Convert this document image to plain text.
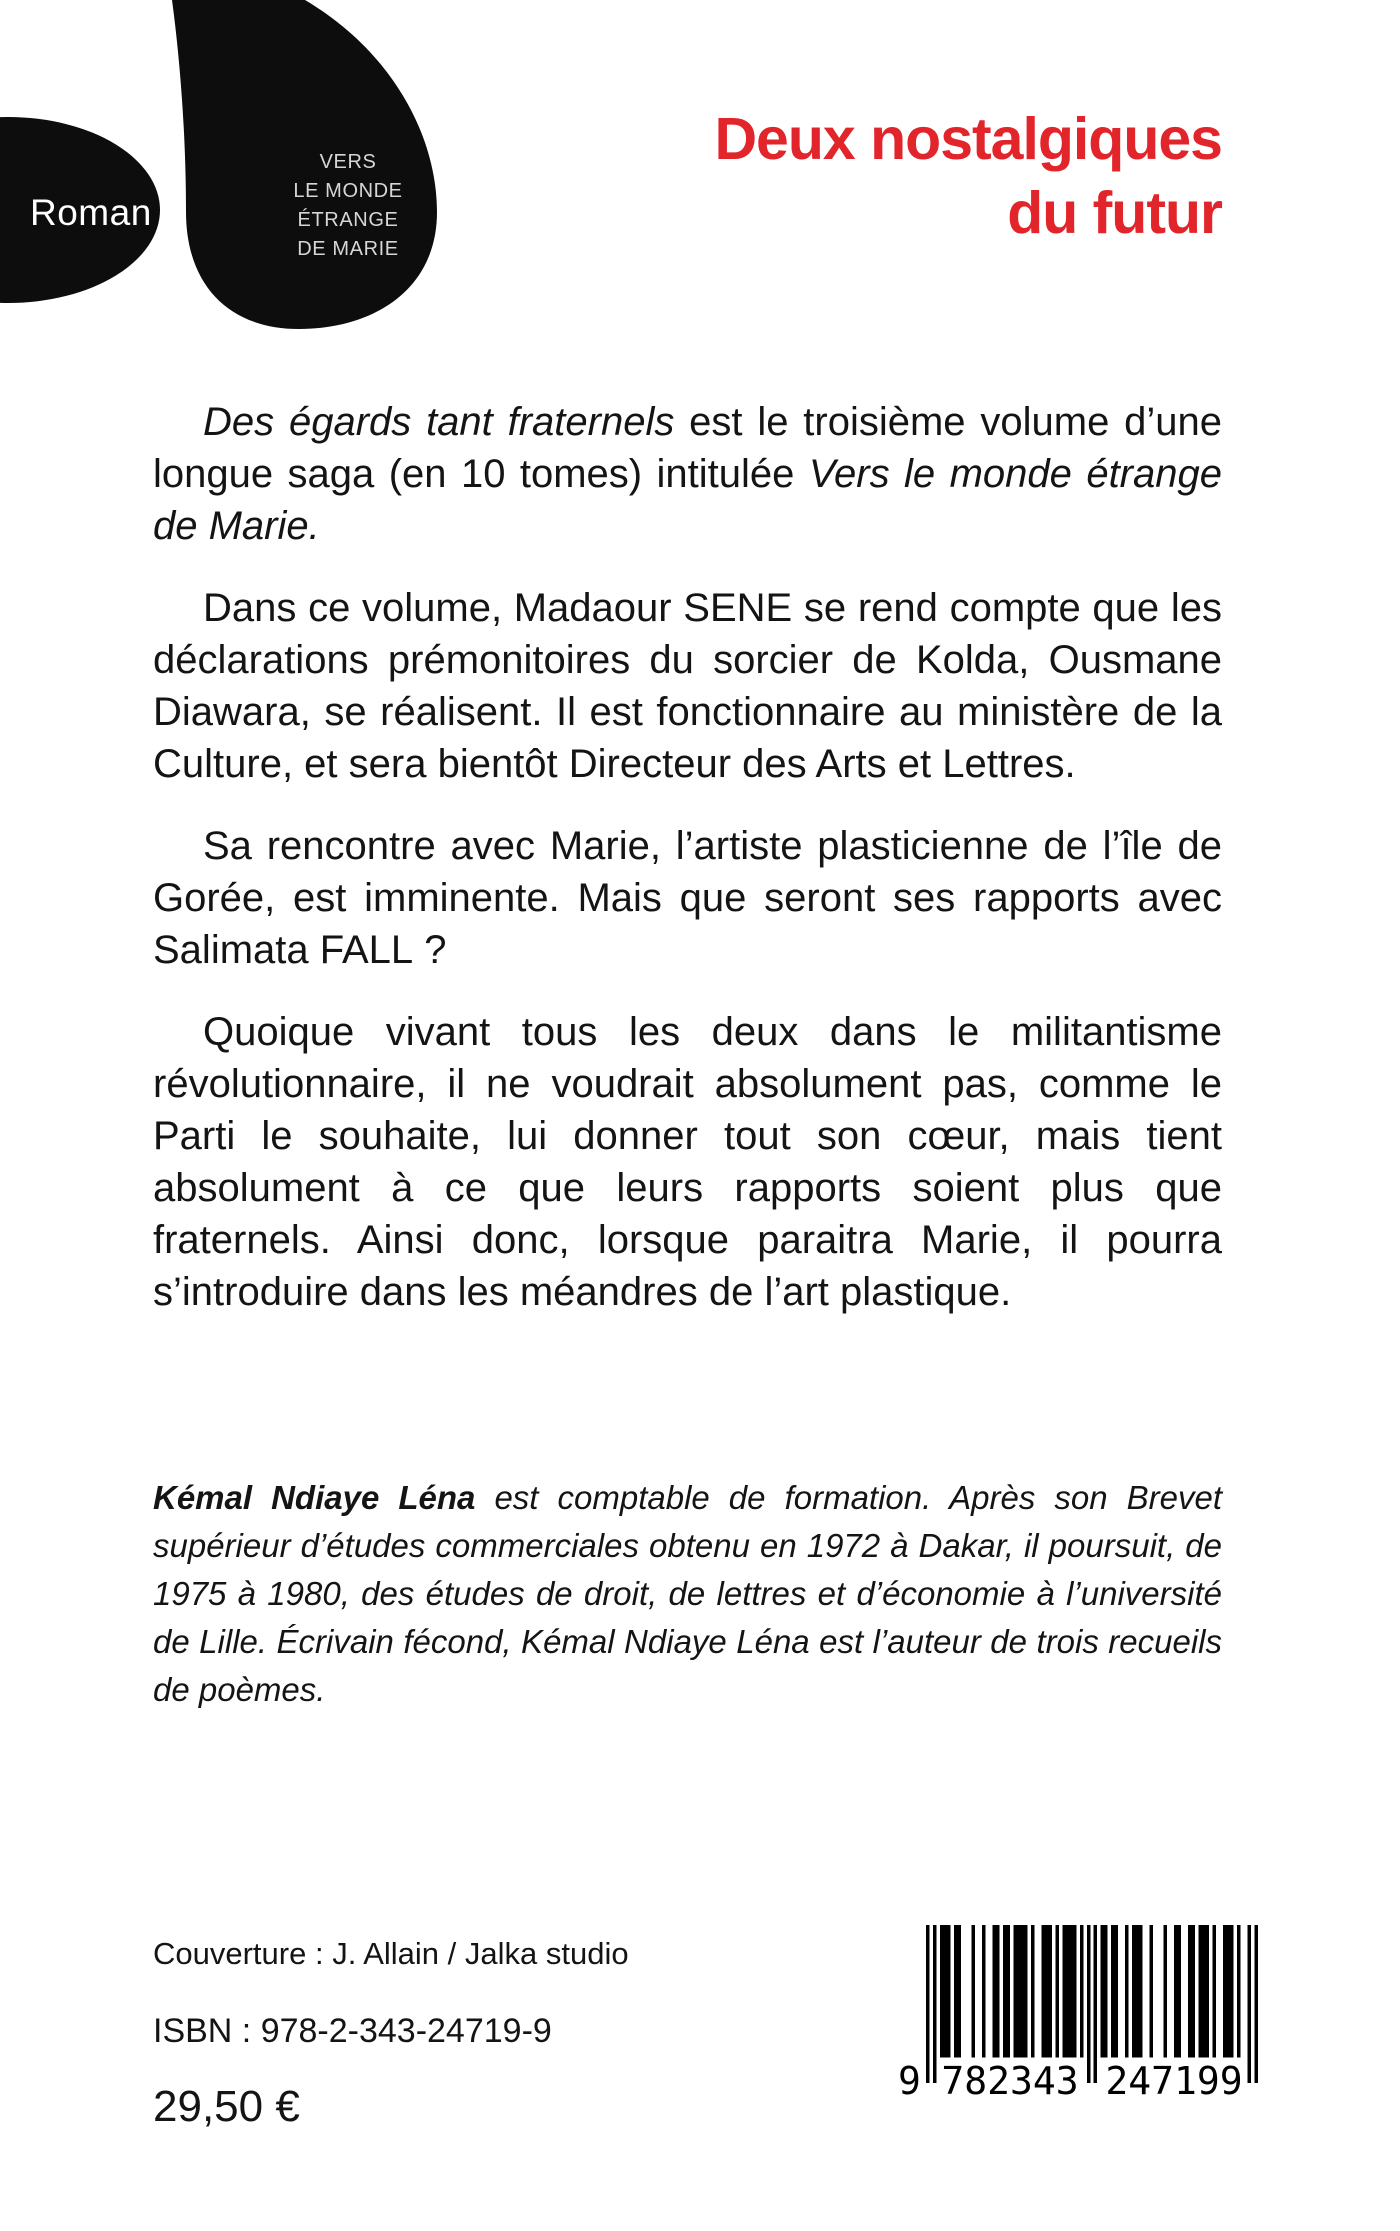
Roman
VERS
LE MONDE
ÉTRANGE
DE MARIE
Deux nostalgiques
du futur

Des égards tant fraternels est le troisième volume d’une longue saga (en 10 tomes) intitulée Vers le monde étrange de Marie.

Dans ce volume, Madaour SENE se rend compte que les déclarations prémonitoires du sorcier de Kolda, Ousmane Diawara, se réalisent. Il est fonctionnaire au ministère de la Culture, et sera bientôt Directeur des Arts et Lettres.

Sa rencontre avec Marie, l’artiste plasticienne de l’île de Gorée, est imminente. Mais que seront ses rapports avec Salimata FALL ?

Quoique vivant tous les deux dans le militantisme révolutionnaire, il ne voudrait absolument pas, comme le Parti le souhaite, lui donner tout son cœur, mais tient absolument à ce que leurs rapports soient plus que fraternels. Ainsi donc, lorsque paraitra Marie, il pourra s’introduire dans les méandres de l’art plastique.

Kémal Ndiaye Léna est comptable de formation. Après son Brevet supérieur d’études commerciales obtenu en 1972 à Dakar, il poursuit, de 1975 à 1980, des études de droit, de lettres et d’économie à l’université de Lille. Écrivain fécond, Kémal Ndiaye Léna est l’auteur de trois recueils de poèmes.

Couverture : J. Allain / Jalka studio
ISBN : 978-2-343-24719-9
29,50 €
9 782343 247199
